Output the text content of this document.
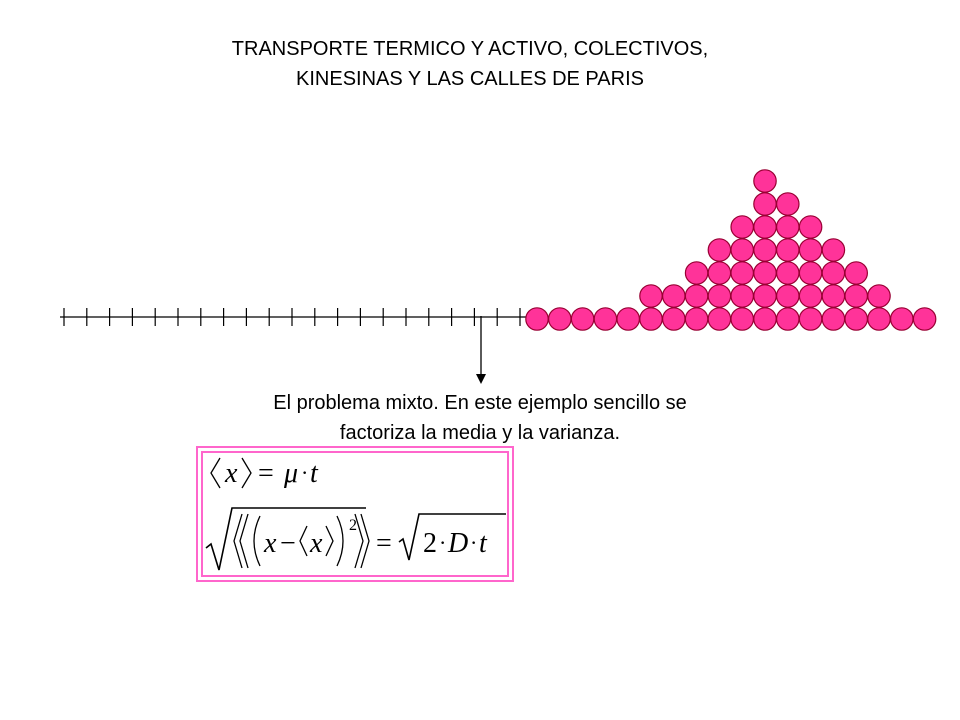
TRANSPORTE TERMICO Y ACTIVO, COLECTIVOS,
KINESINAS Y LAS CALLES DE PARIS
El problema mixto. En este ejemplo sencillo se
factoriza la media y la varianza.
x = μ · t
x − x
2
= 2 · D · t
